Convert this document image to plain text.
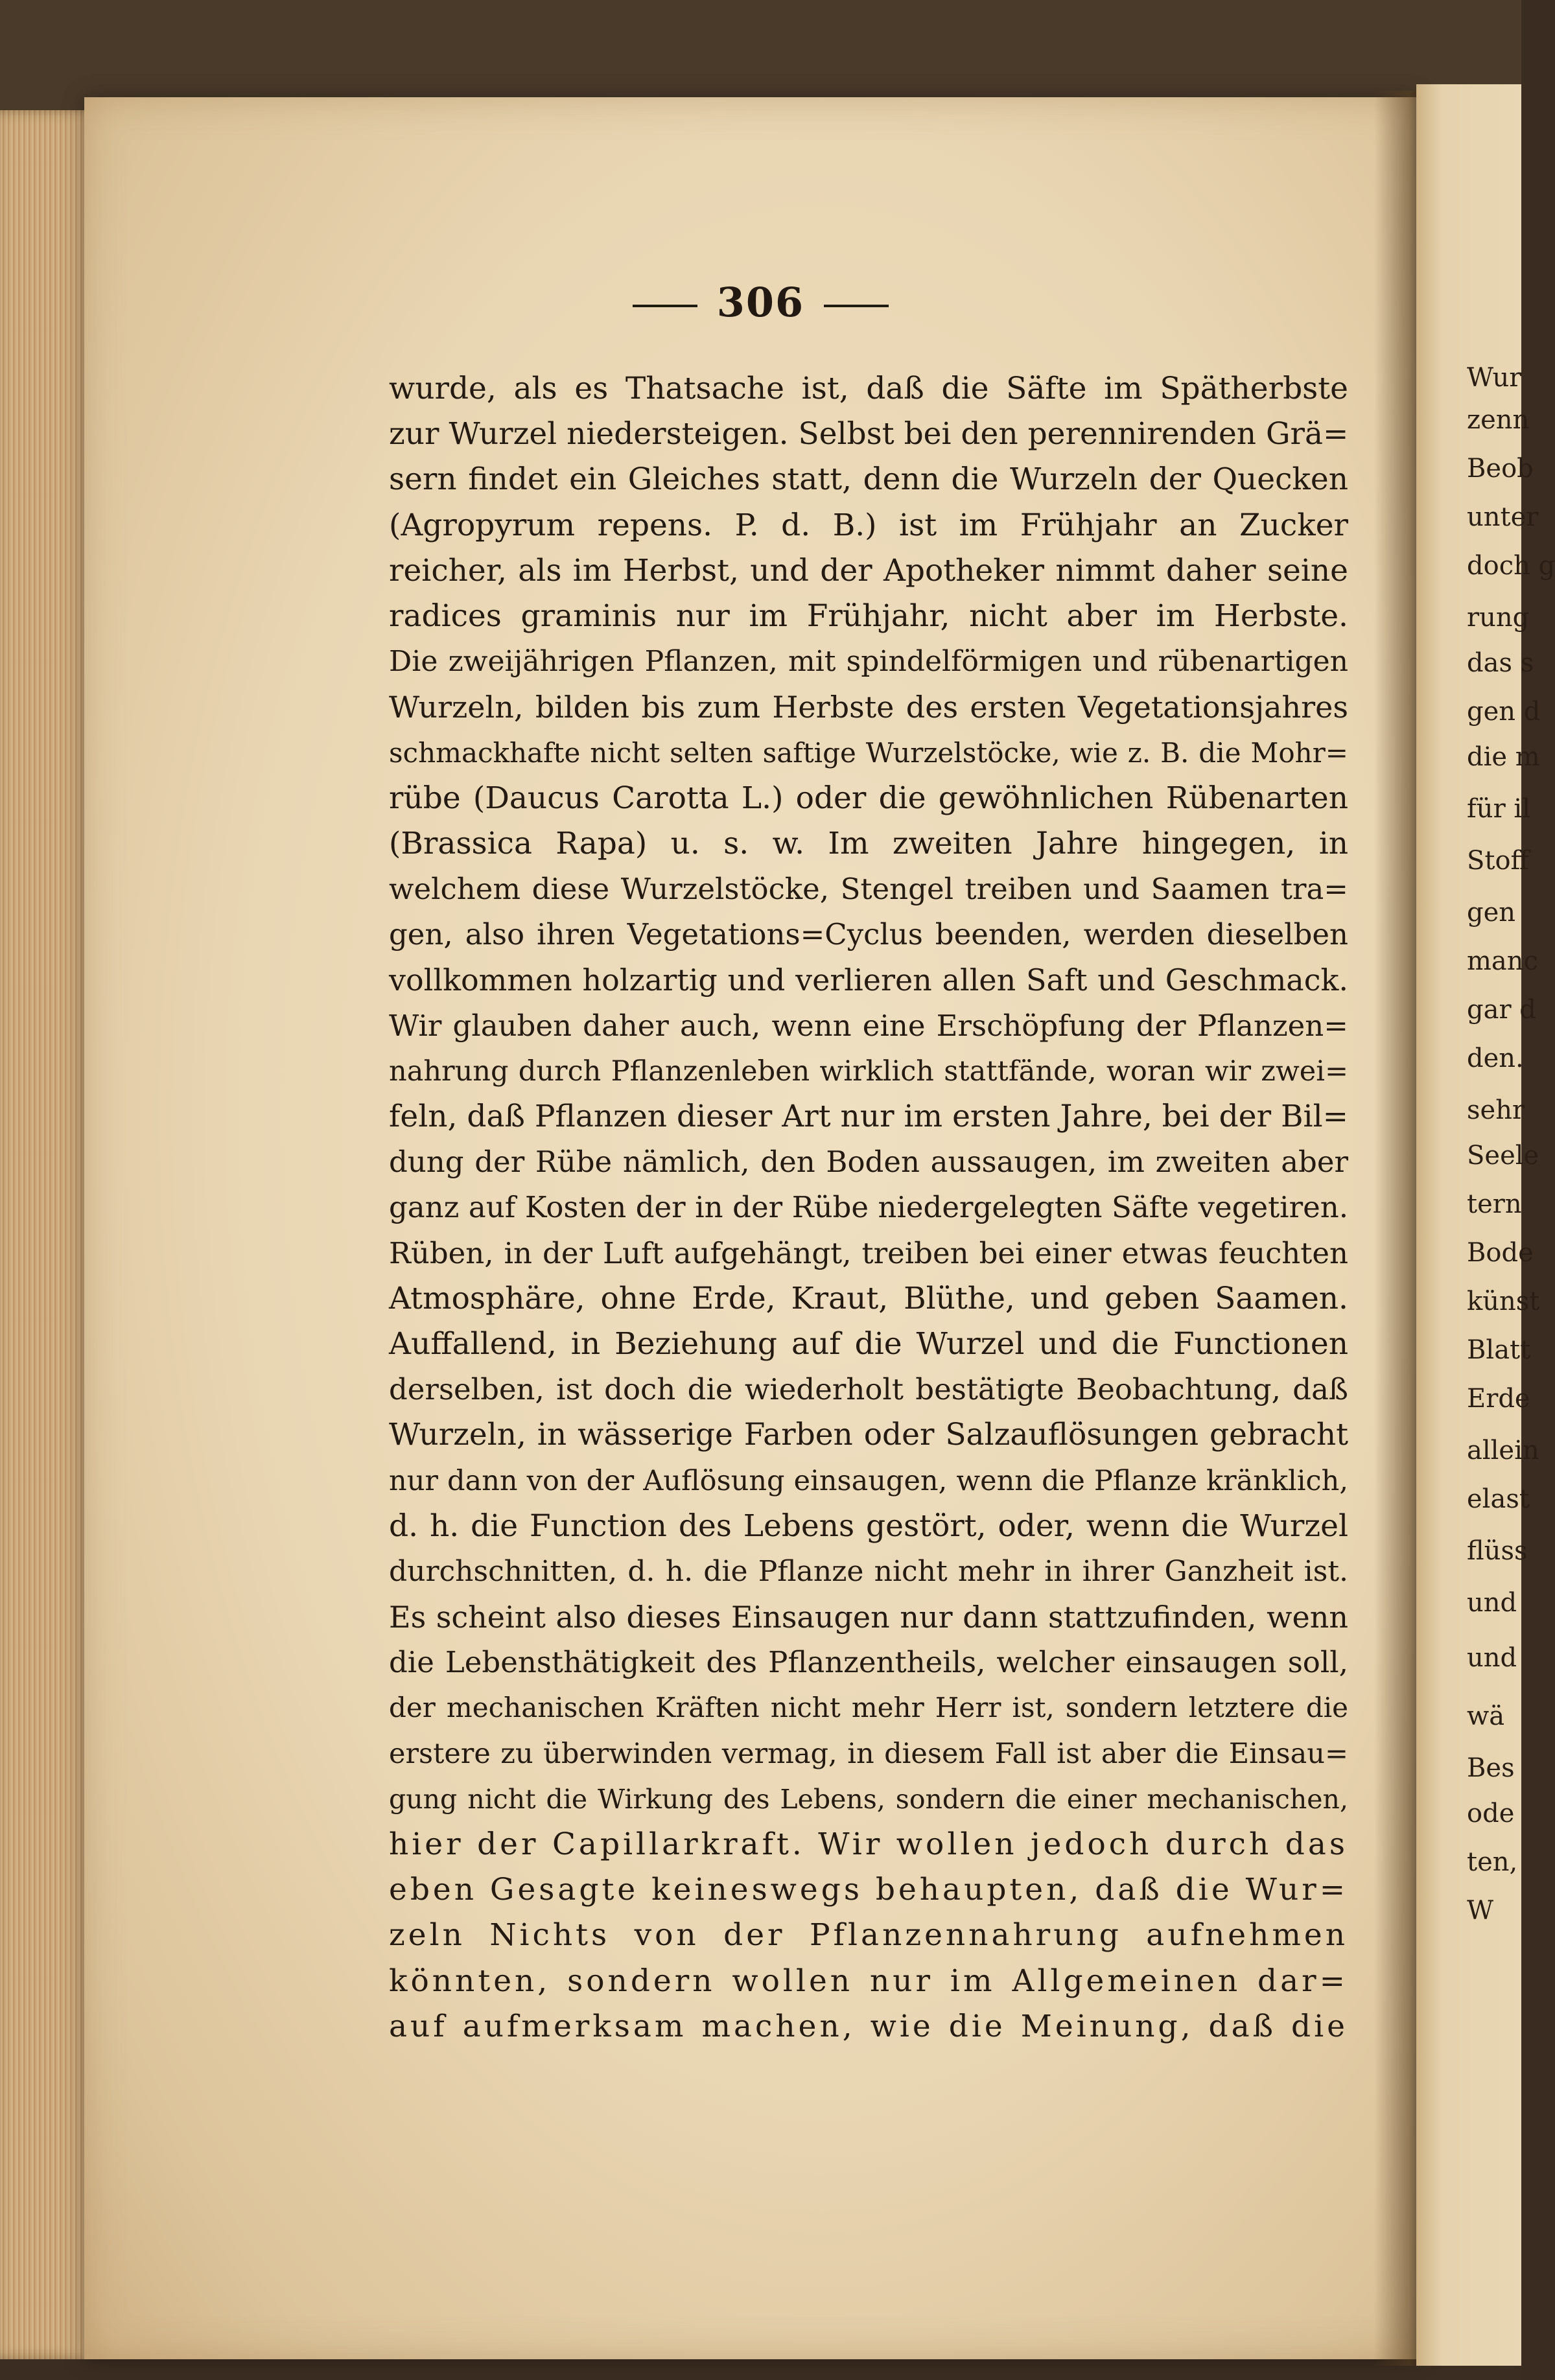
Wur
zenn
Beob
unter
doch g
rung
das s
gen d
die m
für il
Stoff
gen
manc
gar d
den.
sehr
Seele
tern
Bode
künst
Blatt
Erde
allein
elast
flüss
und
und
wä
Bes
ode
ten,
W
306
wurde, als es Thatsache ist, daß die Säfte im Spätherbste
zur Wurzel niedersteigen. Selbst bei den perennirenden Grä=
sern findet ein Gleiches statt, denn die Wurzeln der Quecken
(Agropyrum repens. P. d. B.) ist im Frühjahr an Zucker
reicher, als im Herbst, und der Apotheker nimmt daher seine
radices graminis nur im Frühjahr, nicht aber im Herbste.
Die zweijährigen Pflanzen, mit spindelförmigen und rübenartigen
Wurzeln, bilden bis zum Herbste des ersten Vegetationsjahres
schmackhafte nicht selten saftige Wurzelstöcke, wie z. B. die Mohr=
rübe (Daucus Carotta L.) oder die gewöhnlichen Rübenarten
(Brassica Rapa) u. s. w. Im zweiten Jahre hingegen, in
welchem diese Wurzelstöcke, Stengel treiben und Saamen tra=
gen, also ihren Vegetations=Cyclus beenden, werden dieselben
vollkommen holzartig und verlieren allen Saft und Geschmack.
Wir glauben daher auch, wenn eine Erschöpfung der Pflanzen=
nahrung durch Pflanzenleben wirklich stattfände, woran wir zwei=
feln, daß Pflanzen dieser Art nur im ersten Jahre, bei der Bil=
dung der Rübe nämlich, den Boden aussaugen, im zweiten aber
ganz auf Kosten der in der Rübe niedergelegten Säfte vegetiren.
Rüben, in der Luft aufgehängt, treiben bei einer etwas feuchten
Atmosphäre, ohne Erde, Kraut, Blüthe, und geben Saamen.
Auffallend, in Beziehung auf die Wurzel und die Functionen
derselben, ist doch die wiederholt bestätigte Beobachtung, daß
Wurzeln, in wässerige Farben oder Salzauflösungen gebracht
nur dann von der Auflösung einsaugen, wenn die Pflanze kränklich,
d. h. die Function des Lebens gestört, oder, wenn die Wurzel
durchschnitten, d. h. die Pflanze nicht mehr in ihrer Ganzheit ist.
Es scheint also dieses Einsaugen nur dann stattzufinden, wenn
die Lebensthätigkeit des Pflanzentheils, welcher einsaugen soll,
der mechanischen Kräften nicht mehr Herr ist, sondern letztere die
erstere zu überwinden vermag, in diesem Fall ist aber die Einsau=
gung nicht die Wirkung des Lebens, sondern die einer mechanischen,
hier der Capillarkraft. Wir wollen jedoch durch das
eben Gesagte keineswegs behaupten, daß die Wur=
zeln Nichts von der Pflanzennahrung aufnehmen
könnten, sondern wollen nur im Allgemeinen dar=
auf aufmerksam machen, wie die Meinung, daß die
